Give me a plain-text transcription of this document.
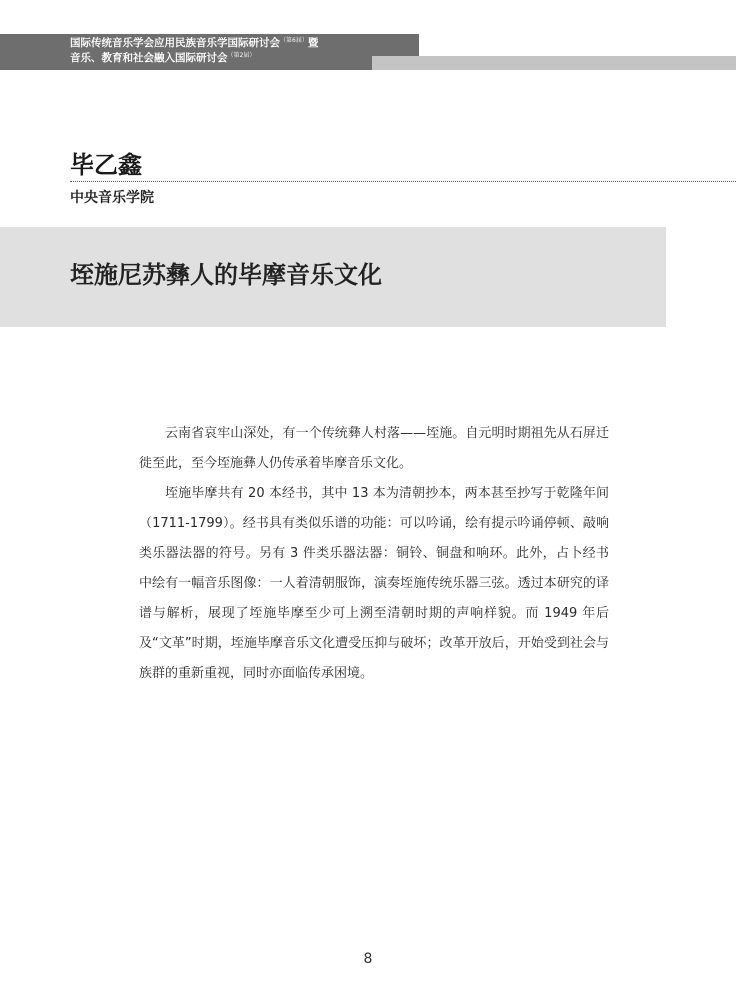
国际传统音乐学会应用民族音乐学国际研讨会$^{(第6届)}$暨
音乐、教育和社会融入国际研讨会$^{(第2届)}$
毕乙鑫
中央音乐学院
垤施尼苏彝人的毕摩音乐文化

云南省哀牢山深处，有一个传统彝人村落——垤施。自元明时期祖先从石屏迁徙至此，至今垤施彝人仍传承着毕摩音乐文化。

垤施毕摩共有 20 本经书，其中 13 本为清朝抄本，两本甚至抄写于乾隆年间（1711-1799）。经书具有类似乐谱的功能：可以吟诵，绘有提示吟诵停顿、敲响类乐器法器的符号。另有 3 件类乐器法器：铜铃、铜盘和响环。此外，占卜经书中绘有一幅音乐图像：一人着清朝服饰，演奏垤施传统乐器三弦。透过本研究的译谱与解析，展现了垤施毕摩至少可上溯至清朝时期的声响样貌。而 1949 年后及“文革”时期，垤施毕摩音乐文化遭受压抑与破坏；改革开放后，开始受到社会与族群的重新重视，同时亦面临传承困境。

8
